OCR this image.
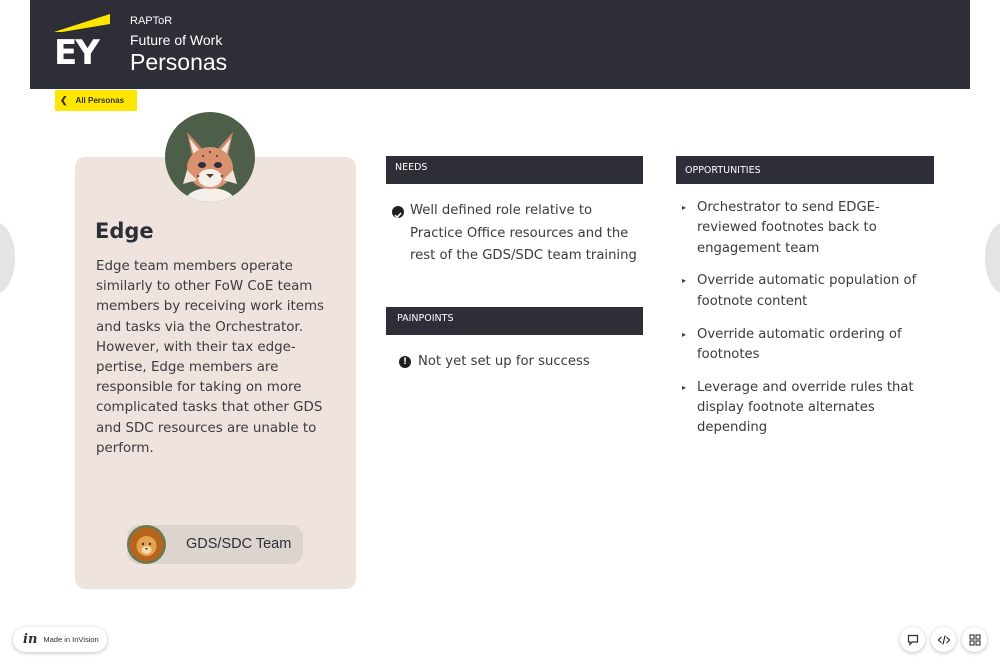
EY
RAPToR
Future of Work
Personas
❮ All Personas
Edge
Edge team members operate similarly to other FoW CoE team members by receiving work items and tasks via the Orchestrator. However, with their tax edge-pertise, Edge members are responsible for taking on more complicated tasks that other GDS and SDC resources are unable to perform.
GDS/SDC Team
NEEDS
Well defined role relative to Practice Office resources and the rest of the GDS/SDC team training
PAINPOINTS
! Not yet set up for success
OPPORTUNITIES
▸ Orchestrator to send EDGE-reviewed footnotes back to engagement team
▸ Override automatic population of footnote content
▸ Override automatic ordering of footnotes
▸ Leverage and override rules that display footnote alternates depending
in Made in InVision
